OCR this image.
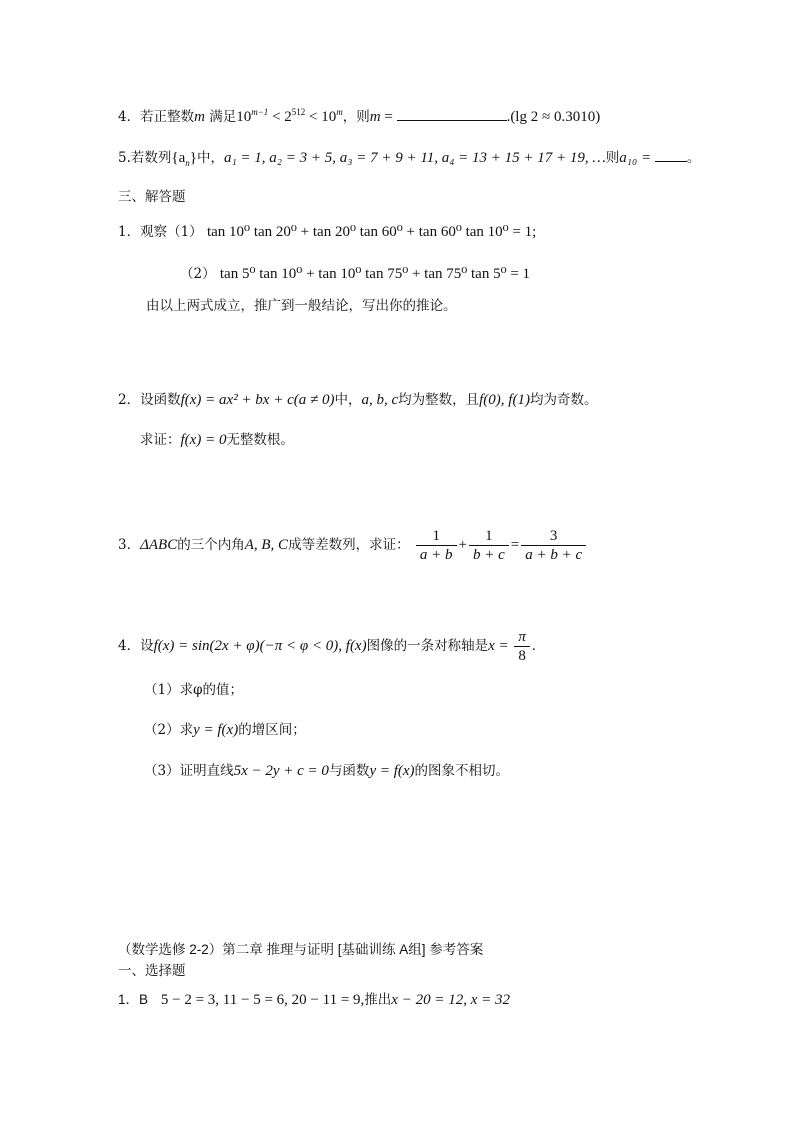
4．若正整数m 满足$10^{m-1} < 2^{512} < 10^m$，则m =	.(lg 2 ≈ 0.3010)
5.若数列$\{a_n\}$中，a₁ = 1, a₂ = 3 + 5, a₃ = 7 + 9 + 11, a₄ = 13 + 15 + 17 + 19, …则a₁₀ = 。
三、解答题
1．观察（1） tan 10⁰ tan 20⁰ + tan 20⁰ tan 60⁰ + tan 60⁰ tan 10⁰ = 1;
（2） tan 5⁰ tan 10⁰ + tan 10⁰ tan 75⁰ + tan 75⁰ tan 5⁰ = 1
由以上两式成立，推广到一般结论，写出你的推论。
2．设函数f(x) = ax² + bx + c(a ≠ 0)中，a, b, c均为整数，且f(0), f(1)均为奇数。
求证：f(x) = 0无整数根。
3．ΔABC的三个内角A, B, C成等差数列，求证： $\frac{1}{a + b} + \frac{1}{b + c} = \frac{3}{a + b + c}$
4．设f(x) = sin(2x + φ)(−π < φ < 0), f(x)图像的一条对称轴是$x = \frac{\pi}{8}$ .
（1）求φ的值；
（2）求y = f(x)的增区间；
（3）证明直线5x − 2y + c = 0与函数y = f(x)的图象不相切。
（数学选修 2-2）第二章 推理与证明 [基础训练 A组] 参考答案
一、选择题
1．B 5 − 2 = 3, 11 − 5 = 6, 20 − 11 = 9,推出x − 20 = 12, x = 32
